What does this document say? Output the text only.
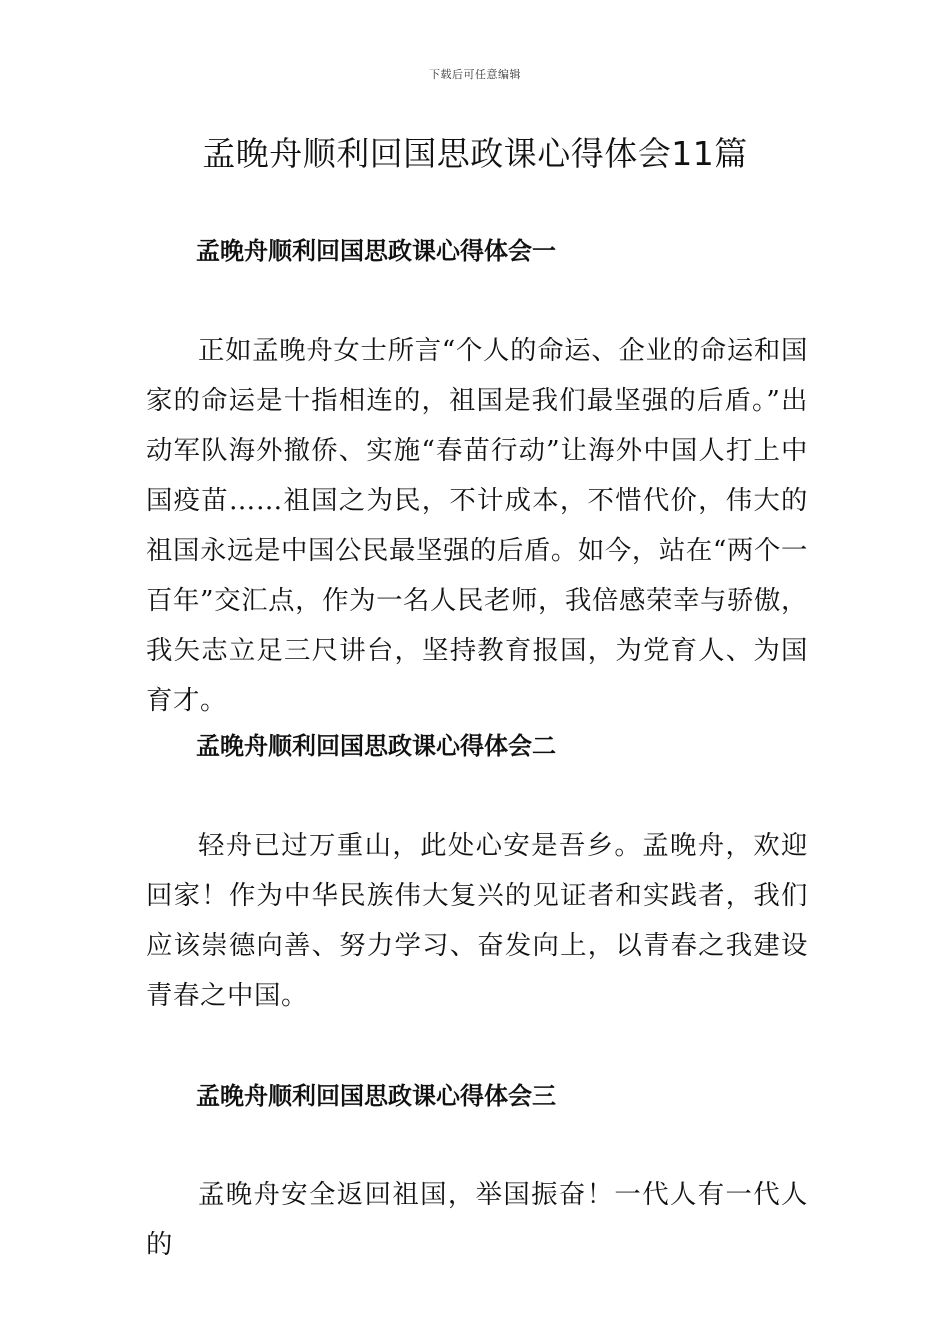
下载后可任意编辑
孟晚舟顺利回国思政课心得体会11篇
孟晚舟顺利回国思政课心得体会一

正如孟晚舟女士所言“个人的命运、企业的命运和国家的命运是十指相连的，祖国是我们最坚强的后盾。”出动军队海外撤侨、实施“春苗行动”让海外中国人打上中国疫苗……祖国之为民，不计成本，不惜代价，伟大的祖国永远是中国公民最坚强的后盾。如今，站在“两个一百年”交汇点，作为一名人民老师，我倍感荣幸与骄傲，我矢志立足三尺讲台，坚持教育报国，为党育人、为国育才。

孟晚舟顺利回国思政课心得体会二

轻舟已过万重山，此处心安是吾乡。孟晚舟，欢迎回家！作为中华民族伟大复兴的见证者和实践者，我们应该崇德向善、努力学习、奋发向上，以青春之我建设青春之中国。

孟晚舟顺利回国思政课心得体会三

孟晚舟安全返回祖国，举国振奋！一代人有一代人的
